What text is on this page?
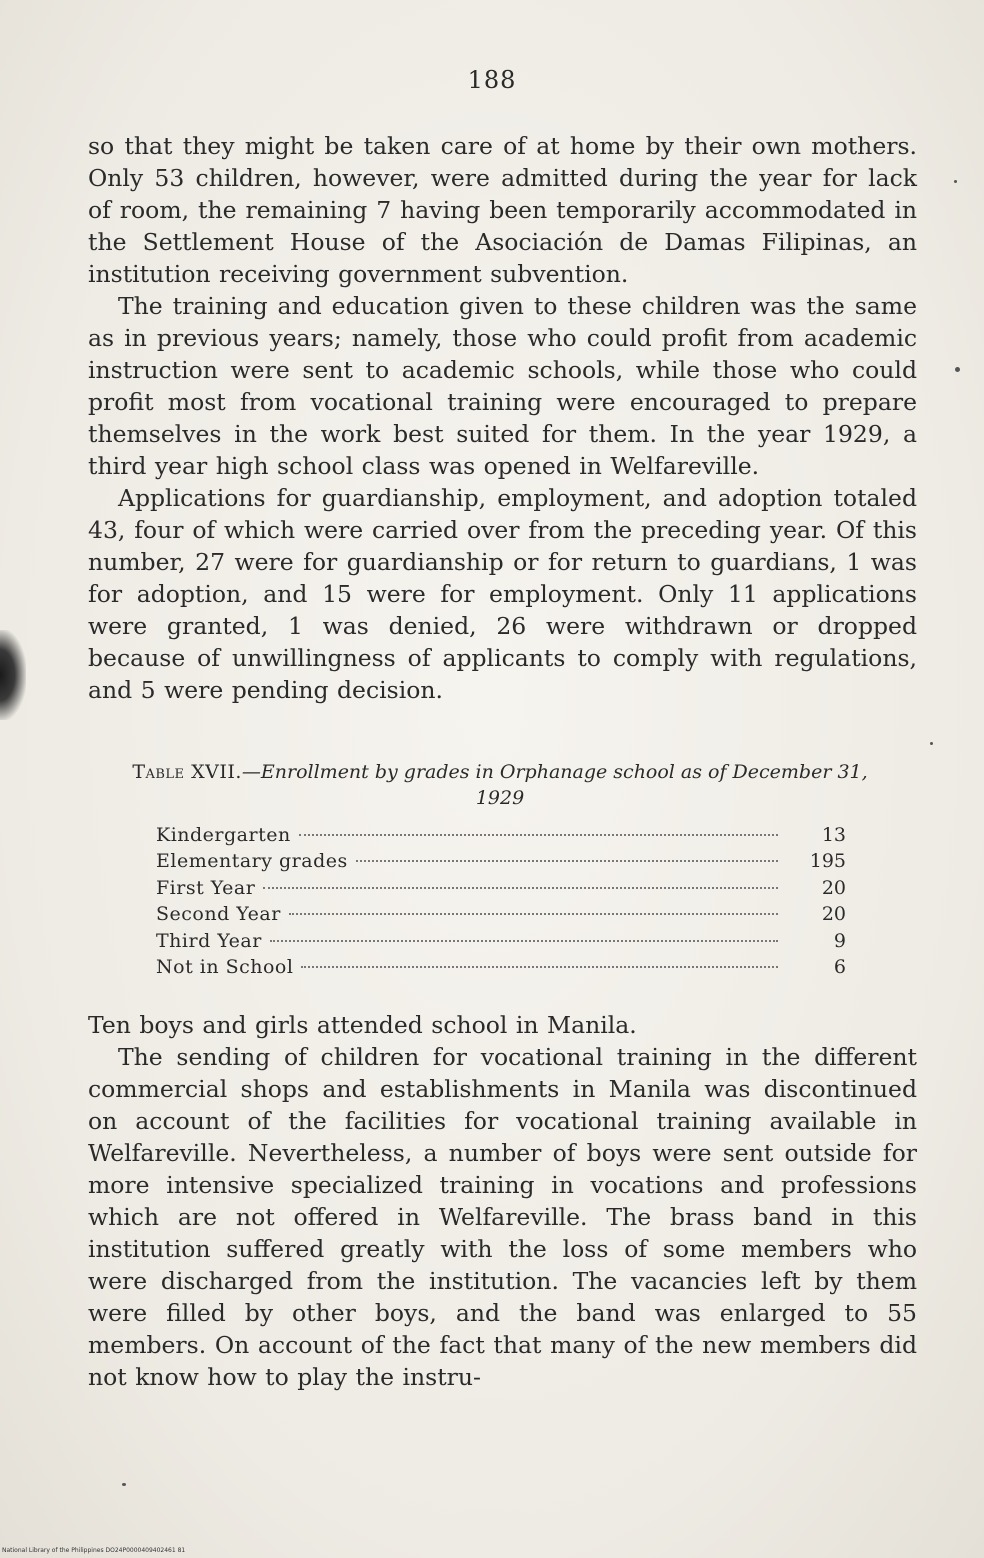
188

so that they might be taken care of at home by their own mothers. Only 53 children, however, were admitted during the year for lack of room, the remaining 7 having been temporarily accommodated in the Settlement House of the Asociación de Damas Filipinas, an institution receiving government subvention.

The training and education given to these children was the same as in previous years; namely, those who could profit from academic instruction were sent to academic schools, while those who could profit most from vocational training were encouraged to prepare themselves in the work best suited for them. In the year 1929, a third year high school class was opened in Welfareville.

Applications for guardianship, employment, and adoption totaled 43, four of which were carried over from the preceding year. Of this number, 27 were for guardianship or for return to guardians, 1 was for adoption, and 15 were for employment. Only 11 applications were granted, 1 was denied, 26 were withdrawn or dropped because of unwillingness of applicants to comply with regulations, and 5 were pending decision.

Table XVII.—Enrollment by grades in Orphanage school as of December 31, 1929
Kindergarten	13
Elementary grades	195
First Year	20
Second Year	20
Third Year	9
Not in School	6

Ten boys and girls attended school in Manila.

The sending of children for vocational training in the different commercial shops and establishments in Manila was discontinued on account of the facilities for vocational training available in Welfareville. Nevertheless, a number of boys were sent outside for more intensive specialized training in vocations and professions which are not offered in Welfareville. The brass band in this institution suffered greatly with the loss of some members who were discharged from the institution. The vacancies left by them were filled by other boys, and the band was enlarged to 55 members. On account of the fact that many of the new members did not know how to play the instru-

National Library of the Philippines DO24P0000409402461 81
